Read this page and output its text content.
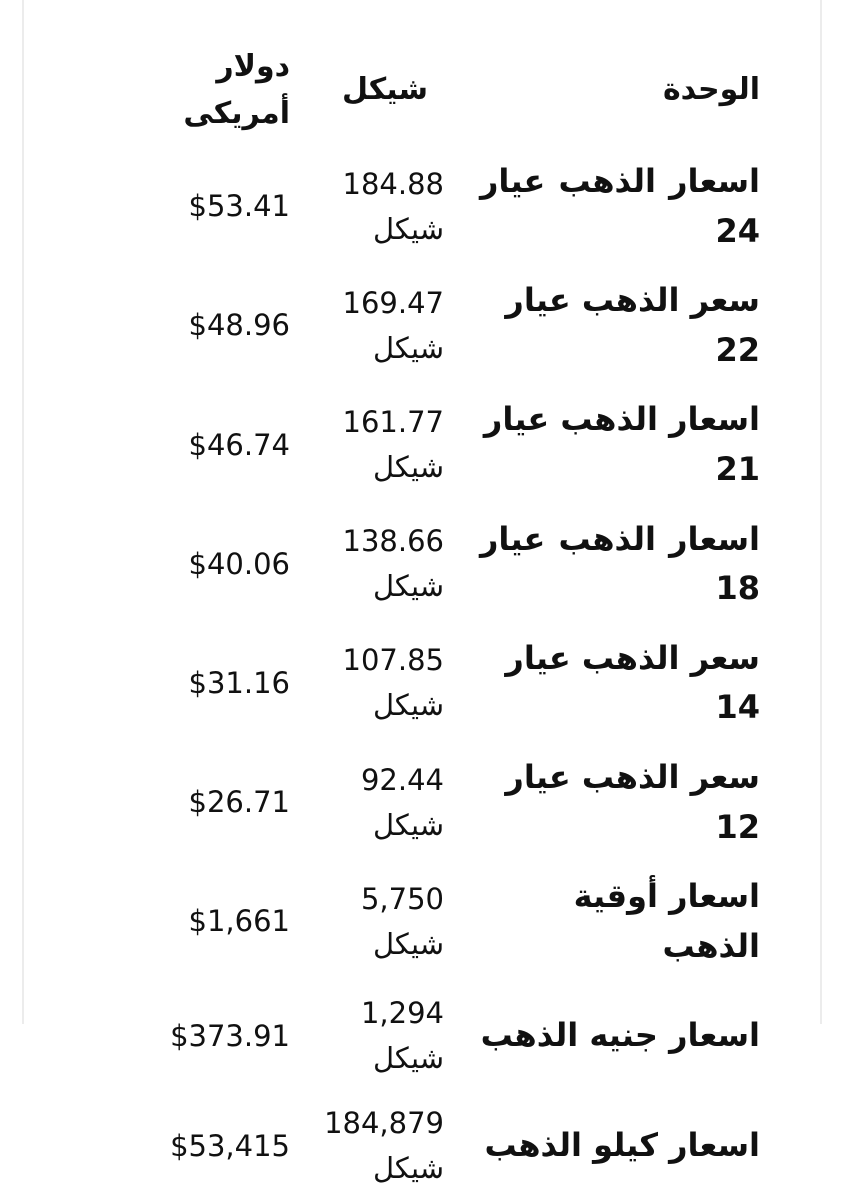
الوحدة	شيكل	دولار أمريكى
اسعار الذهب عيار 24	184.88 شيكل	$53.41
سعر الذهب عيار 22	169.47 شيكل	$48.96
اسعار الذهب عيار 21	161.77 شيكل	$46.74
اسعار الذهب عيار 18	138.66 شيكل	$40.06
سعر الذهب عيار 14	107.85 شيكل	$31.16
سعر الذهب عيار 12	92.44 شيكل	$26.71
اسعار أوقية الذهب	5,750 شيكل	$1,661
اسعار جنيه الذهب	1,294 شيكل	$373.91
اسعار كيلو الذهب	184,879 شيكل	$53,415
